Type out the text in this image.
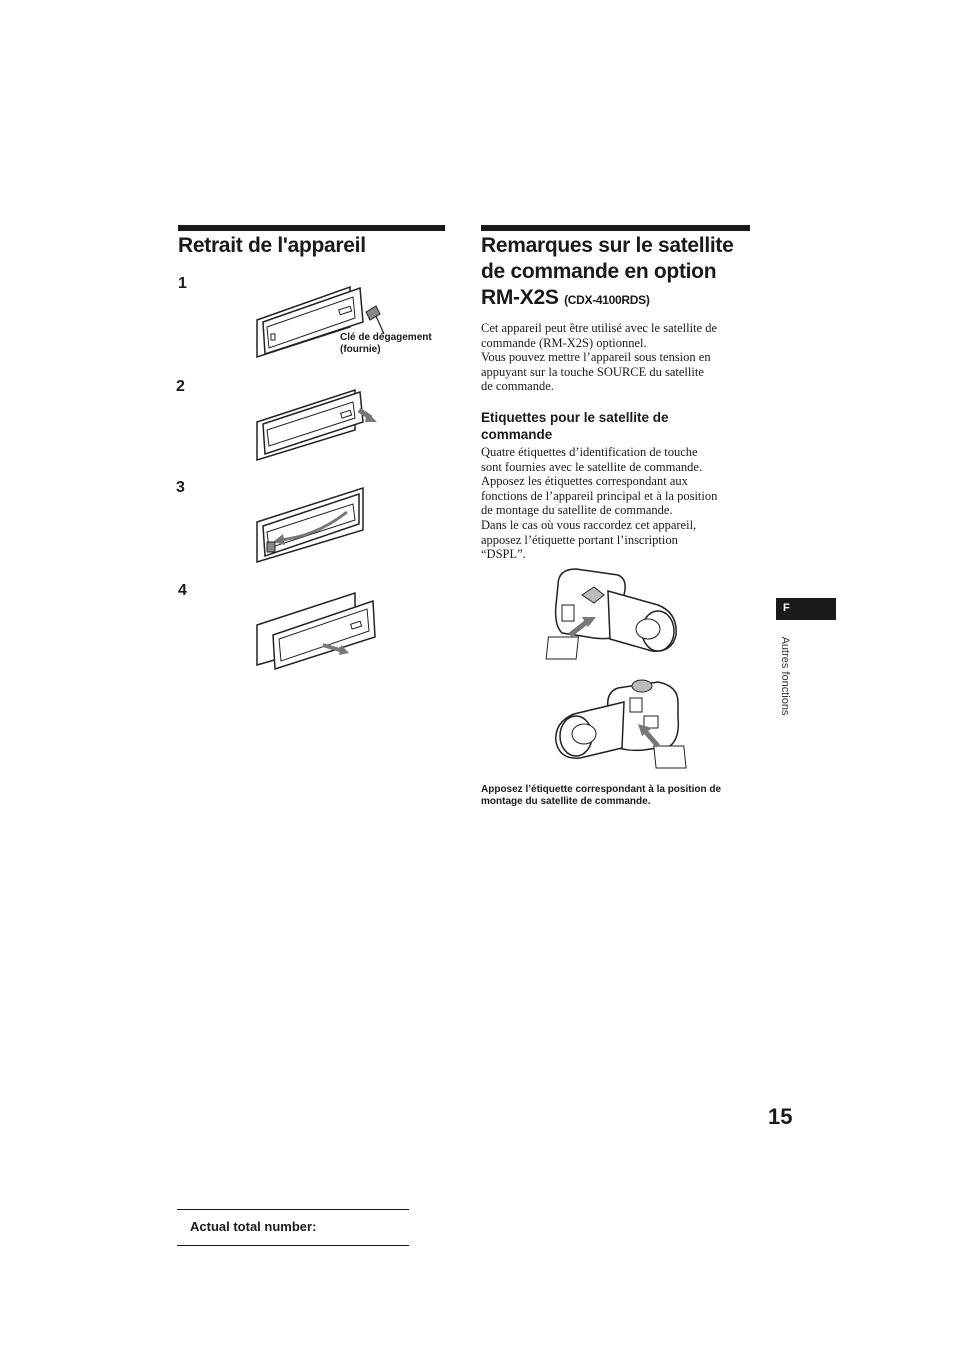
Retrait de l'appareil
1
2
3
4
Clé de dégagement
(fournie)
Remarques sur le satellite
de commande en option
RM-X2S (CDX-4100RDS)
Cet appareil peut être utilisé avec le satellite de
commande (RM-X2S) optionnel.
Vous pouvez mettre l’appareil sous tension en
appuyant sur la touche SOURCE du satellite
de commande.
Etiquettes pour le satellite de
commande
Quatre étiquettes d’identification de touche
sont fournies avec le satellite de commande.
Apposez les étiquettes correspondant aux
fonctions de l’appareil principal et à la position
de montage du satellite de commande.
Dans le cas où vous raccordez cet appareil,
apposez l’étiquette portant l’inscription
“DSPL”.
Apposez l’étiquette correspondant à la position de
montage du satellite de commande.
F
Autres fonctions
15
Actual total number:
